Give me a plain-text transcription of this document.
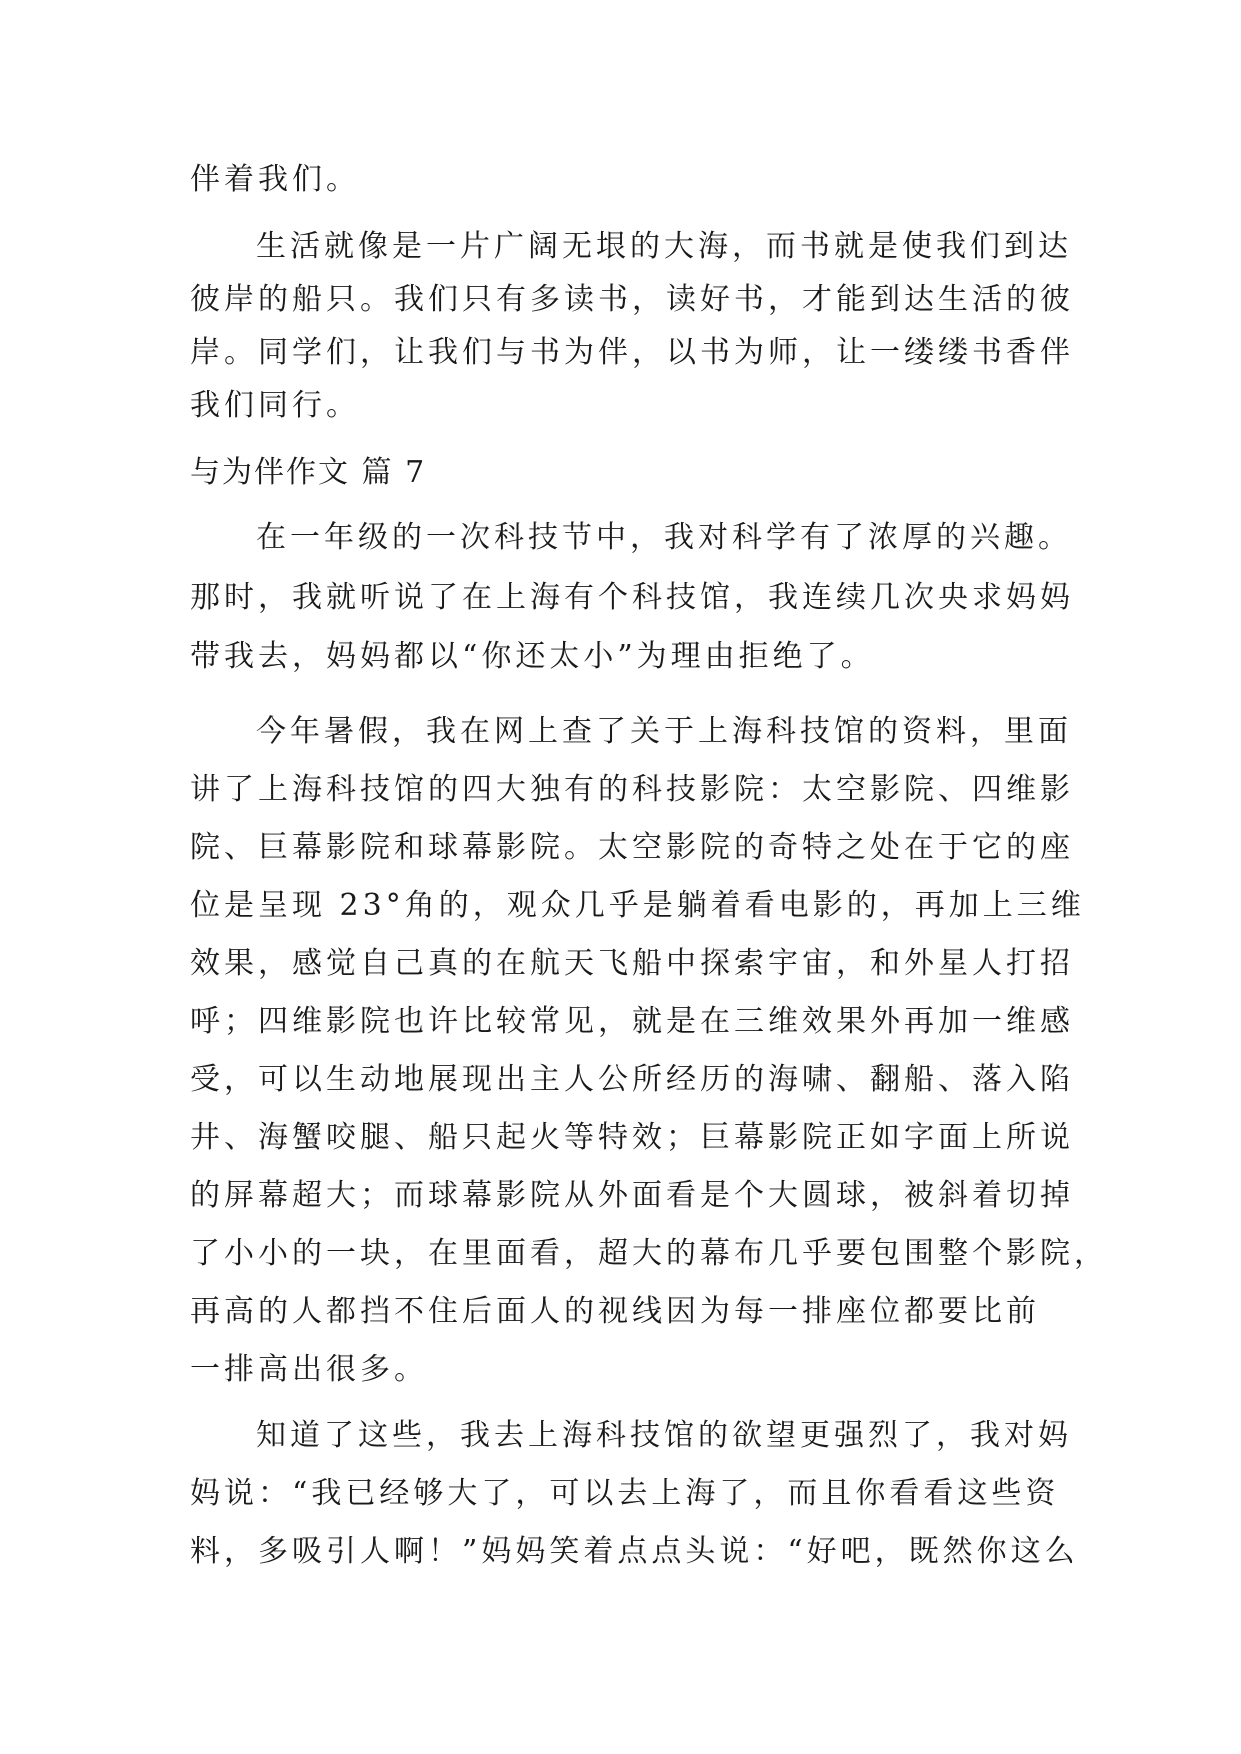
伴着我们。
生活就像是一片广阔无垠的大海，而书就是使我们到达
彼岸的船只。我们只有多读书，读好书，才能到达生活的彼
岸。同学们，让我们与书为伴，以书为师，让一缕缕书香伴
我们同行。
与为伴作文 篇 7
在一年级的一次科技节中，我对科学有了浓厚的兴趣。
那时，我就听说了在上海有个科技馆，我连续几次央求妈妈
带我去，妈妈都以“你还太小”为理由拒绝了。
今年暑假，我在网上查了关于上海科技馆的资料，里面
讲了上海科技馆的四大独有的科技影院：太空影院、四维影
院、巨幕影院和球幕影院。太空影院的奇特之处在于它的座
位是呈现 23°角的，观众几乎是躺着看电影的，再加上三维
效果，感觉自己真的在航天飞船中探索宇宙，和外星人打招
呼；四维影院也许比较常见，就是在三维效果外再加一维感
受，可以生动地展现出主人公所经历的海啸、翻船、落入陷
井、海蟹咬腿、船只起火等特效；巨幕影院正如字面上所说
的屏幕超大；而球幕影院从外面看是个大圆球，被斜着切掉
了小小的一块，在里面看，超大的幕布几乎要包围整个影院，
再高的人都挡不住后面人的视线因为每一排座位都要比前
一排高出很多。
知道了这些，我去上海科技馆的欲望更强烈了，我对妈
妈说：“我已经够大了，可以去上海了，而且你看看这些资
料，多吸引人啊！”妈妈笑着点点头说：“好吧，既然你这么
